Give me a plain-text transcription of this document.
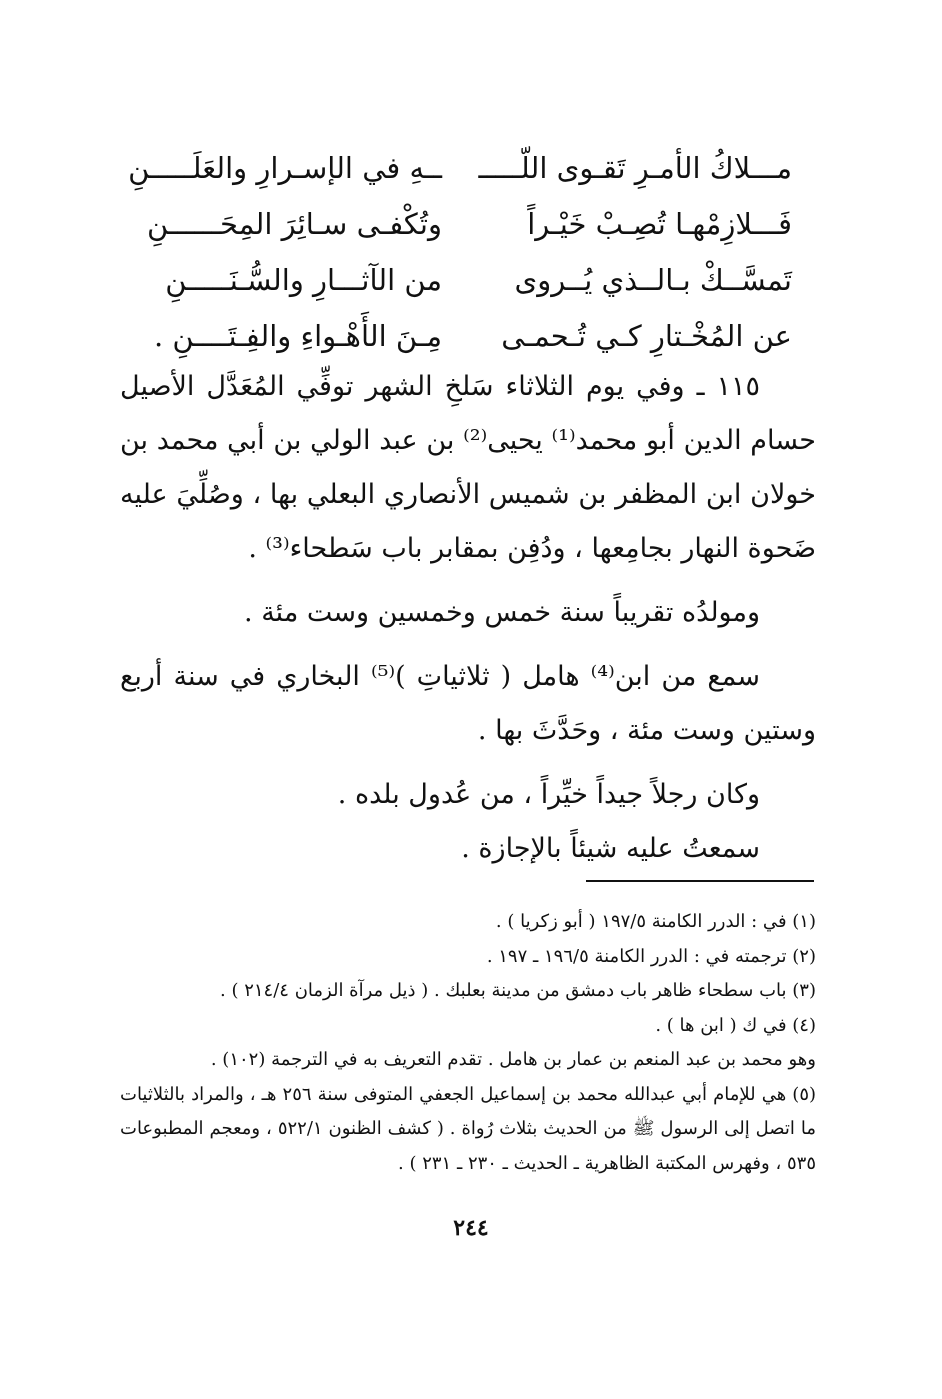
مـــلاكُ الأمـرِ تَقـوى اللّـــــ
ــهِ في الإسـرارِ والعَلَـــــنِ
فَـــلازِمْهـا تُصِـبْ خَيْـراً
وتُكْفـى سـائِرَ المِحَــــــنِ
تَمسَّــكْ بـالــذي يُــروى
من الآثـــارِ والسُّـنَـــــنِ
عن المُخْـتارِ كـي تُـحمـى
مِـنَ الأَهْـواءِ والفِـتَــــنِ .

١١٥ ـ وفي يوم الثلاثاء سَلخِ الشهر توفِّي المُعَدَّل الأصيل حسام الدين أبو محمد⁽¹⁾ يحيى⁽²⁾ بن عبد الولي بن أبي محمد بن خولان ابن المظفر بن شميس الأنصاري البعلي بها ، وصُلِّيَ عليه ضَحوة النهار بجامِعها ، ودُفِن بمقابر باب سَطحاء⁽³⁾ .

ومولدُه تقريباً سنة خمس وخمسين وست مئة .

سمع من ابن⁽⁴⁾ هامل ( ثلاثياتِ )⁽⁵⁾ البخاري في سنة أربع وستين وست مئة ، وحَدَّثَ بها .

وكان رجلاً جيداً خيِّراً ، من عُدول بلده .

سمعتُ عليه شيئاً بالإجازة .

(١) في : الدرر الكامنة ١٩٧/٥ ( أبو زكريا ) .

(٢) ترجمته في : الدرر الكامنة ١٩٦/٥ ـ ١٩٧ .

(٣) باب سطحاء ظاهر باب دمشق من مدينة بعلبك . ( ذيل مرآة الزمان ٢١٤/٤ ) .

(٤) في ك ( ابن ها ) .

وهو محمد بن عبد المنعم بن عمار بن هامل . تقدم التعريف به في الترجمة (١٠٢) .

(٥) هي للإمام أبي عبدالله محمد بن إسماعيل الجعفي المتوفى سنة ٢٥٦ هـ ، والمراد بالثلاثيات ما اتصل إلى الرسول ﷺ من الحديث بثلاث رُواة . ( كشف الظنون ٥٢٢/١ ، ومعجم المطبوعات ٥٣٥ ، وفهرس المكتبة الظاهرية ـ الحديث ـ ٢٣٠ ـ ٢٣١ ) .

٢٤٤
